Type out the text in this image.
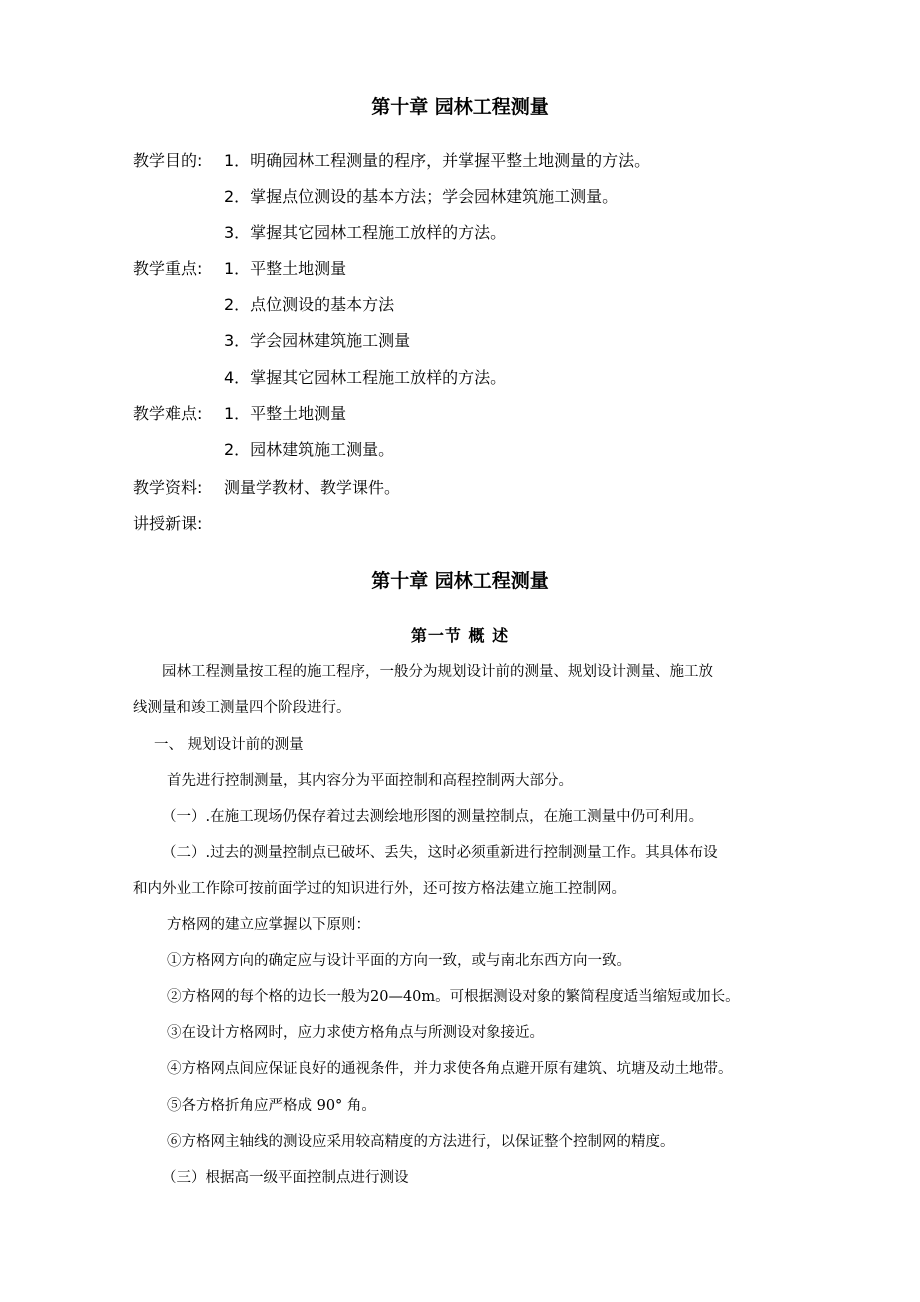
第十章 园林工程测量
教学目的: 1．明确园林工程测量的程序，并掌握平整土地测量的方法。
2．掌握点位测设的基本方法；学会园林建筑施工测量。
3．掌握其它园林工程施工放样的方法。
教学重点: 1．平整土地测量
2．点位测设的基本方法
3．学会园林建筑施工测量
4．掌握其它园林工程施工放样的方法。
教学难点: 1．平整土地测量
2．园林建筑施工测量。
教学资料: 测量学教材、教学课件。
讲授新课:
第十章 园林工程测量
第一节 概 述
园林工程测量按工程的施工程序，一般分为规划设计前的测量、规划设计测量、施工放
线测量和竣工测量四个阶段进行。
一、 规划设计前的测量
首先进行控制测量，其内容分为平面控制和高程控制两大部分。
（一）.在施工现场仍保存着过去测绘地形图的测量控制点，在施工测量中仍可利用。
（二）.过去的测量控制点已破坏、丢失，这时必须重新进行控制测量工作。其具体布设
和内外业工作除可按前面学过的知识进行外，还可按方格法建立施工控制网。
方格网的建立应掌握以下原则：
①方格网方向的确定应与设计平面的方向一致，或与南北东西方向一致。
②方格网的每个格的边长一般为20—40m。可根据测设对象的繁简程度适当缩短或加长。
③在设计方格网时，应力求使方格角点与所测设对象接近。
④方格网点间应保证良好的通视条件，并力求使各角点避开原有建筑、坑塘及动土地带。
⑤各方格折角应严格成 90° 角。
⑥方格网主轴线的测设应采用较高精度的方法进行，以保证整个控制网的精度。
（三）根据高一级平面控制点进行测设
